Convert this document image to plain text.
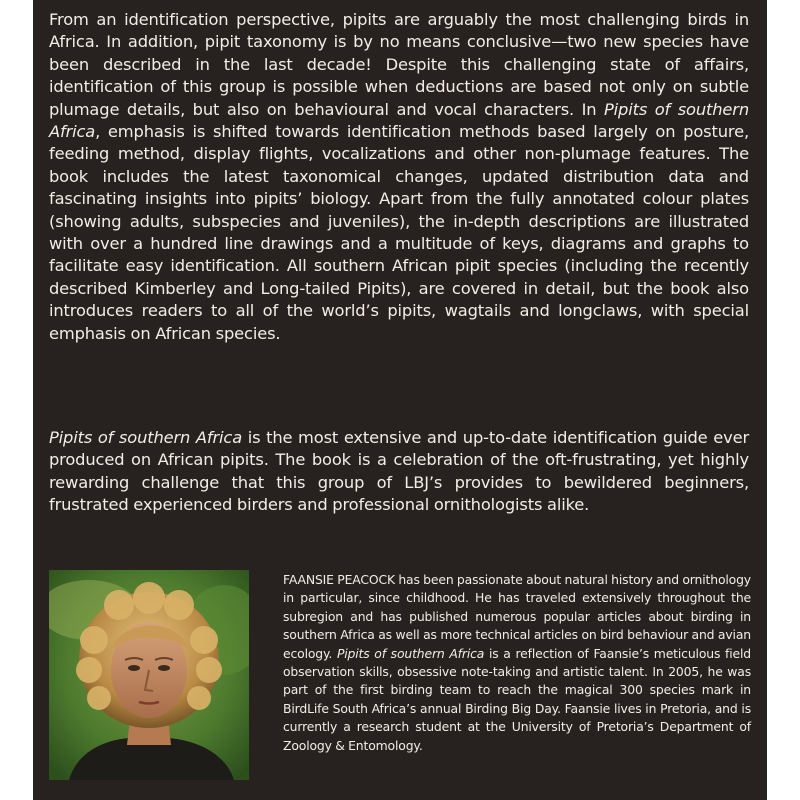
From an identification perspective, pipits are arguably the most challenging birds in Africa. In addition, pipit taxonomy is by no means conclusive—two new species have been described in the last decade! Despite this challenging state of affairs, identification of this group is possible when deductions are based not only on subtle plumage details, but also on behavioural and vocal characters. In Pipits of southern Africa, emphasis is shifted towards identification methods based largely on posture, feeding method, display flights, vocalizations and other non-plumage features. The book includes the latest taxonomical changes, updated distribution data and fascinating insights into pipits’ biology. Apart from the fully annotated colour plates (showing adults, subspecies and juveniles), the in-depth descriptions are illustrated with over a hundred line drawings and a multitude of keys, diagrams and graphs to facilitate easy identification. All southern African pipit species (including the recently described Kimberley and Long-tailed Pipits), are covered in detail, but the book also introduces readers to all of the world’s pipits, wagtails and longclaws, with special emphasis on African species.

Pipits of southern Africa is the most extensive and up-to-date identification guide ever produced on African pipits. The book is a celebration of the oft-frustrating, yet highly rewarding challenge that this group of LBJ’s provides to bewildered beginners, frustrated experienced birders and professional ornithologists alike.

FAANSIE PEACOCK has been passionate about natural history and ornithology in particular, since childhood. He has traveled extensively throughout the subregion and has published numerous popular articles about birding in southern Africa as well as more technical articles on bird behaviour and avian ecology. Pipits of southern Africa is a reflection of Faansie’s meticulous field observation skills, obsessive note-taking and artistic talent. In 2005, he was part of the first birding team to reach the magical 300 species mark in BirdLife South Africa’s annual Birding Big Day. Faansie lives in Pretoria, and is currently a research student at the University of Pretoria’s Department of Zoology & Entomology.
